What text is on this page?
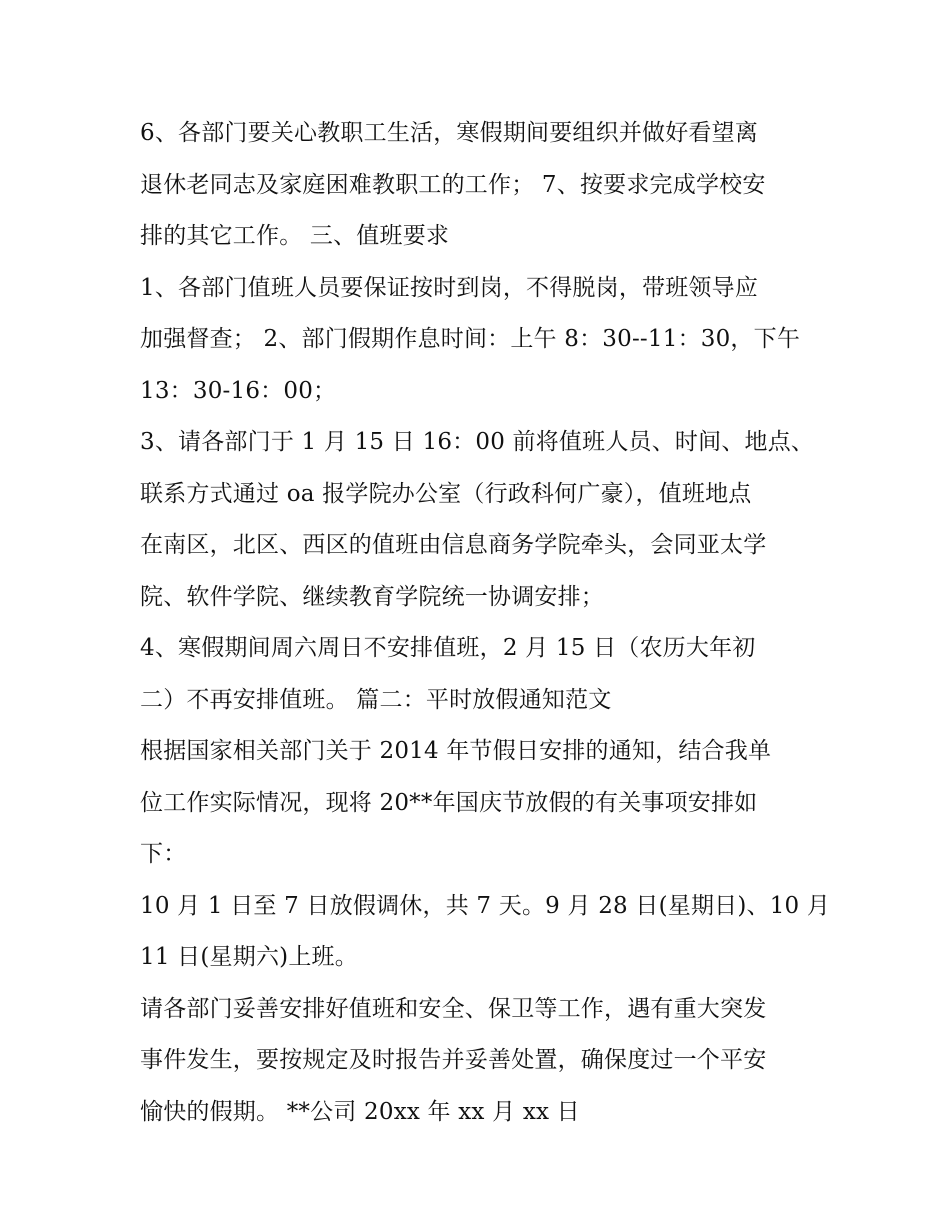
6、各部门要关心教职工生活，寒假期间要组织并做好看望离
退休老同志及家庭困难教职工的工作； 7、按要求完成学校安
排的其它工作。 三、值班要求
1、各部门值班人员要保证按时到岗，不得脱岗，带班领导应
加强督查； 2、部门假期作息时间：上午 8：30--11：30，下午
13：30-16：00；
3、请各部门于 1 月 15 日 16：00 前将值班人员、时间、地点、
联系方式通过 oa 报学院办公室（行政科何广豪），值班地点
在南区，北区、西区的值班由信息商务学院牵头，会同亚太学
院、软件学院、继续教育学院统一协调安排；
4、寒假期间周六周日不安排值班，2 月 15 日（农历大年初
二）不再安排值班。 篇二：平时放假通知范文
根据国家相关部门关于 2014 年节假日安排的通知，结合我单
位工作实际情况，现将 20**年国庆节放假的有关事项安排如
下：
10 月 1 日至 7 日放假调休，共 7 天。9 月 28 日(星期日)、10 月
11 日(星期六)上班。
请各部门妥善安排好值班和安全、保卫等工作，遇有重大突发
事件发生，要按规定及时报告并妥善处置，确保度过一个平安
愉快的假期。 **公司 20xx 年 xx 月 xx 日
